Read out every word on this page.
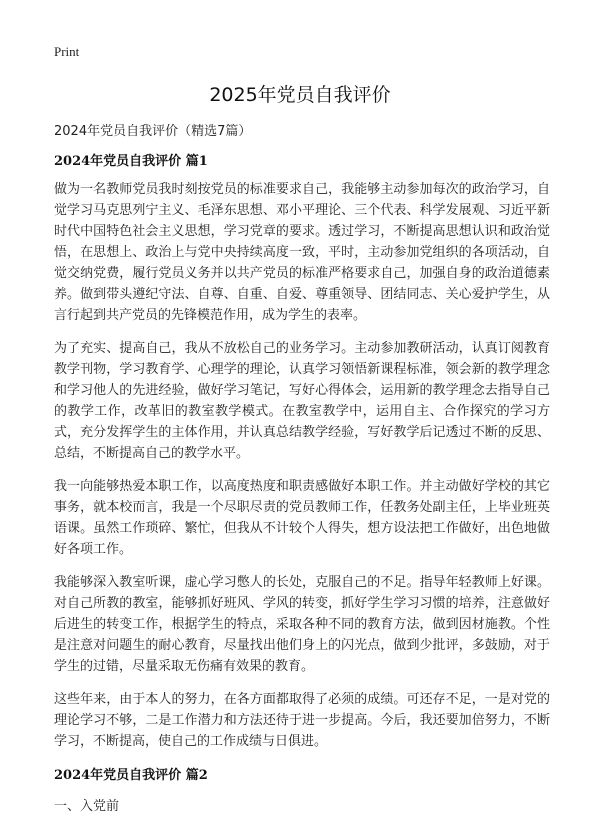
Print
2025年党员自我评价
2024年党员自我评价（精选7篇）
2024年党员自我评价 篇1

做为一名教师党员我时刻按党员的标准要求自己，我能够主动参加每次的政治学习，自觉学习马克思列宁主义、毛泽东思想、邓小平理论、三个代表、科学发展观、习近平新时代中国特色社会主义思想，学习党章的要求。透过学习，不断提高思想认识和政治觉悟，在思想上、政治上与党中央持续高度一致，平时，主动参加党组织的各项活动，自觉交纳党费，履行党员义务并以共产党员的标准严格要求自己，加强自身的政治道德素养。做到带头遵纪守法、自尊、自重、自爱、尊重领导、团结同志、关心爱护学生，从言行起到共产党员的先锋模范作用，成为学生的表率。

为了充实、提高自己，我从不放松自己的业务学习。主动参加教研活动，认真订阅教育教学刊物，学习教育学、心理学的理论，认真学习领悟新课程标准，领会新的教学理念和学习他人的先进经验，做好学习笔记，写好心得体会，运用新的教学理念去指导自己的教学工作，改革旧的教室教学模式。在教室教学中，运用自主、合作探究的学习方式，充分发挥学生的主体作用，并认真总结教学经验，写好教学后记透过不断的反思、总结，不断提高自己的教学水平。

我一向能够热爱本职工作，以高度热度和职责感做好本职工作。并主动做好学校的其它事务，就本校而言，我是一个尽职尽责的党员教师工作，任教务处副主任，上毕业班英语课。虽然工作琐碎、繁忙，但我从不计较个人得失，想方设法把工作做好，出色地做好各项工作。

我能够深入教室听课，虚心学习憋人的长处，克服自己的不足。指导年轻教师上好课。对自己所教的教室，能够抓好班风、学风的转变，抓好学生学习习惯的培养，注意做好后进生的转变工作，根据学生的特点，采取各种不同的教育方法，做到因材施教。个性是注意对问题生的耐心教育，尽量找出他们身上的闪光点，做到少批评，多鼓励，对于学生的过错，尽量采取无伤痛有效果的教育。

这些年来，由于本人的努力，在各方面都取得了必须的成绩。可还存不足，一是对党的理论学习不够，二是工作潜力和方法还待于进一步提高。今后，我还要加倍努力，不断学习，不断提高，使自己的工作成绩与日俱进。

2024年党员自我评价 篇2
一、入党前
